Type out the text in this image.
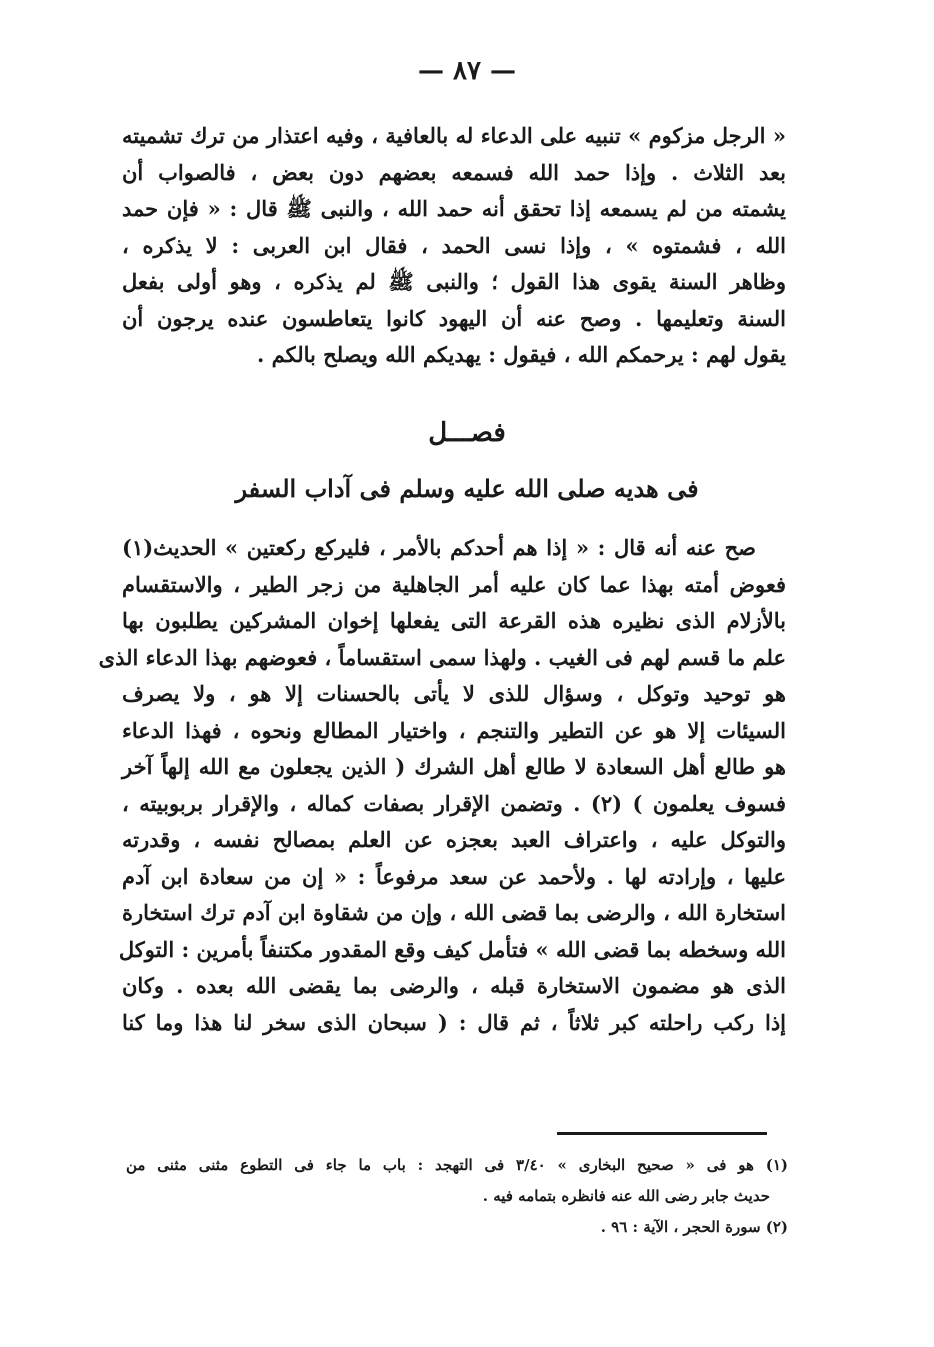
— ٨٧ —
« الرجل مزكوم » تنبيه على الدعاء له بالعافية ، وفيه اعتذار من ترك تشميته
بعد الثلاث . وإذا حمد الله فسمعه بعضهم دون بعض ، فالصواب أن
يشمته من لم يسمعه إذا تحقق أنه حمد الله ، والنبى ﷺ قال : « فإن حمد
الله ، فشمتوه » ، وإذا نسى الحمد ، فقال ابن العربى : لا يذكره ،
وظاهر السنة يقوى هذا القول ؛ والنبى ﷺ لم يذكره ، وهو أولى بفعل
السنة وتعليمها . وصح عنه أن اليهود كانوا يتعاطسون عنده يرجون أن
يقول لهم : يرحمكم الله ، فيقول : يهديكم الله ويصلح بالكم .
فصـــل
فى هديه صلى الله عليه وسلم فى آداب السفر
صح عنه أنه قال : « إذا هم أحدكم بالأمر ، فليركع ركعتين » الحديث(١)
فعوض أمته بهذا عما كان عليه أمر الجاهلية من زجر الطير ، والاستقسام
بالأزلام الذى نظيره هذه القرعة التى يفعلها إخوان المشركين يطلبون بها
علم ما قسم لهم فى الغيب . ولهذا سمى استقساماً ، فعوضهم بهذا الدعاء الذى
هو توحيد وتوكل ، وسؤال للذى لا يأتى بالحسنات إلا هو ، ولا يصرف
السيئات إلا هو عن التطير والتنجم ، واختيار المطالع ونحوه ، فهذا الدعاء
هو طالع أهل السعادة لا طالع أهل الشرك ( الذين يجعلون مع الله إلهاً آخر
فسوف يعلمون ) (٢) . وتضمن الإقرار بصفات كماله ، والإقرار بربوبيته ،
والتوكل عليه ، واعتراف العبد بعجزه عن العلم بمصالح نفسه ، وقدرته
عليها ، وإرادته لها . ولأحمد عن سعد مرفوعاً : « إن من سعادة ابن آدم
استخارة الله ، والرضى بما قضى الله ، وإن من شقاوة ابن آدم ترك استخارة
الله وسخطه بما قضى الله » فتأمل كيف وقع المقدور مكتنفاً بأمرين : التوكل
الذى هو مضمون الاستخارة قبله ، والرضى بما يقضى الله بعده . وكان
إذا ركب راحلته كبر ثلاثاً ، ثم قال : ( سبحان الذى سخر لنا هذا وما كنا
(١) هو فى « صحيح البخارى » ٣/٤٠ فى التهجد : باب ما جاء فى التطوع مثنى مثنى من
حديث جابر رضى الله عنه فانظره بتمامه فيه .
(٢) سورة الحجر ، الآية : ٩٦ .
